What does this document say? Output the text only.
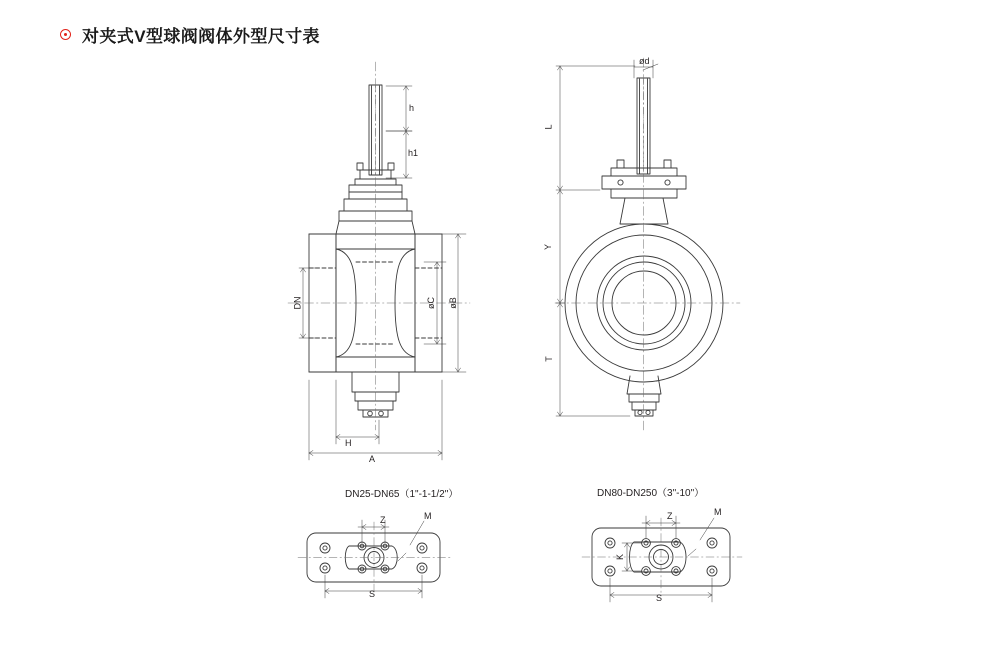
对夹式V型球阀阀体外型尺寸表
h
h1
DN	øC øB
H
A
ød
L
Y
T
DN25-DN65（1"-1-1/2"）
Z	M
S
DN80-DN250（3"-10"）
Z	M
K
S
